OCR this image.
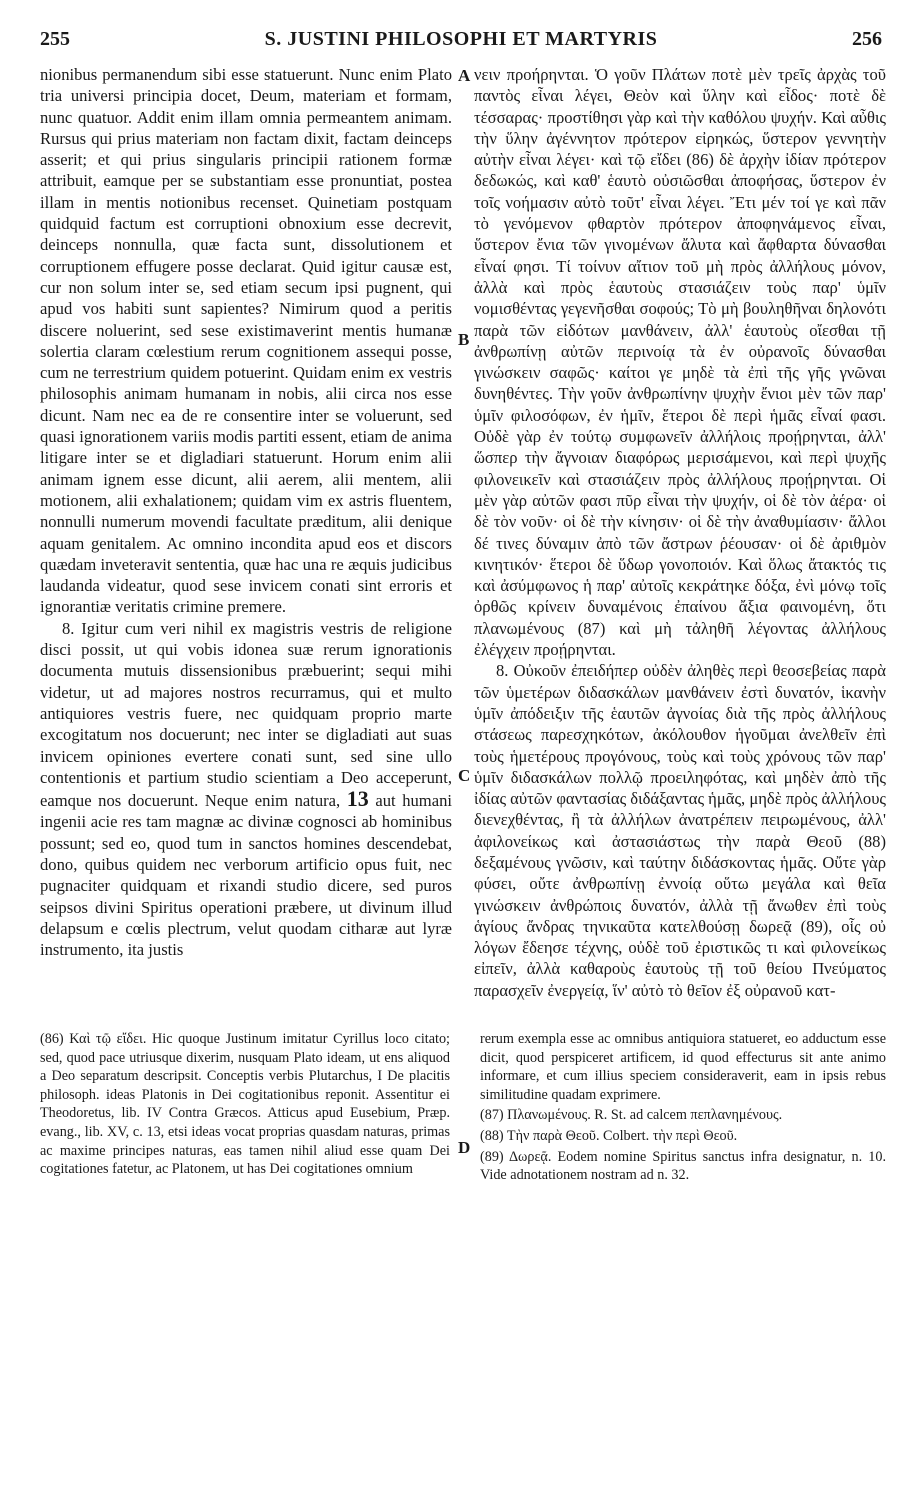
255	S. JUSTINI PHILOSOPHI ET MARTYRIS	256

nionibus permanendum sibi esse statuerunt. Nunc enim Plato tria universi principia docet, Deum, materiam et formam, nunc quatuor. Addit enim illam omnia permeantem animam. Rursus qui prius materiam non factam dixit, factam deinceps asserit; et qui prius singularis principii rationem formæ attribuit, eamque per se substantiam esse pronuntiat, postea illam in mentis notionibus recenset. Quinetiam postquam quidquid factum est corruptioni obnoxium esse decrevit, deinceps nonnulla, quæ facta sunt, dissolutionem et corruptionem effugere posse declarat. Quid igitur causæ est, cur non solum inter se, sed etiam secum ipsi pugnent, qui apud vos habiti sunt sapientes? Nimirum quod a peritis discere noluerint, sed sese existimaverint mentis humanæ solertia claram cœlestium rerum cognitionem assequi posse, cum ne terrestrium quidem potuerint. Quidam enim ex vestris philosophis animam humanam in nobis, alii circa nos esse dicunt. Nam nec ea de re consentire inter se voluerunt, sed quasi ignorationem variis modis partiti essent, etiam de anima litigare inter se et digladiari statuerunt. Horum enim alii animam ignem esse dicunt, alii aerem, alii mentem, alii motionem, alii exhalationem; quidam vim ex astris fluentem, nonnulli numerum movendi facultate præditum, alii denique aquam genitalem. Ac omnino incondita apud eos et discors quædam inveteravit sententia, quæ hac una re æquis judicibus laudanda videatur, quod sese invicem conati sint erroris et ignorantiæ veritatis crimine premere.

8. Igitur cum veri nihil ex magistris vestris de religione disci possit, ut qui vobis idonea suæ rerum ignorationis documenta mutuis dissensionibus præbuerint; sequi mihi videtur, ut ad majores nostros recurramus, qui et multo antiquiores vestris fuere, nec quidquam proprio marte excogitatum nos docuerunt; nec inter se digladiati aut suas invicem opiniones evertere conati sunt, sed sine ullo contentionis et partium studio scientiam a Deo acceperunt, eamque nos docuerunt. Neque enim natura, 13 aut humani ingenii acie res tam magnæ ac divinæ cognosci ab hominibus possunt; sed eo, quod tum in sanctos homines descendebat, dono, quibus quidem nec verborum artificio opus fuit, nec pugnaciter quidquam et rixandi studio dicere, sed puros seipsos divini Spiritus operationi præbere, ut divinum illud delapsum e cœlis plectrum, velut quodam citharæ aut lyræ instrumento, ita justis

A
B
C
D

νειν προήρηνται. Ὁ γοῦν Πλάτων ποτὲ μὲν τρεῖς ἀρχὰς τοῦ παντὸς εἶναι λέγει, Θεὸν καὶ ὕλην καὶ εἶδος· ποτὲ δὲ τέσσαρας· προστίθησι γὰρ καὶ τὴν καθόλου ψυχήν. Καὶ αὖθις τὴν ὕλην ἀγέννητον πρότερον εἰρηκώς, ὕστερον γεννητὴν αὐτὴν εἶναι λέγει· καὶ τῷ εἴδει (86) δὲ ἀρχὴν ἰδίαν πρότερον δεδωκώς, καὶ καθ' ἑαυτὸ οὐσιῶσθαι ἀποφήσας, ὕστερον ἐν τοῖς νοήμασιν αὐτὸ τοῦτ' εἶναι λέγει. Ἔτι μέν τοί γε καὶ πᾶν τὸ γενόμενον φθαρτὸν πρότερον ἀποφηνάμενος εἶναι, ὕστερον ἔνια τῶν γινομένων ἄλυτα καὶ ἄφθαρτα δύνασθαι εἶναί φησι. Τί τοίνυν αἴτιον τοῦ μὴ πρὸς ἀλλήλους μόνον, ἀλλὰ καὶ πρὸς ἑαυτοὺς στασιάζειν τοὺς παρ' ὑμῖν νομισθέντας γεγενῆσθαι σοφούς; Τὸ μὴ βουληθῆναι δηλονότι παρὰ τῶν εἰδότων μανθάνειν, ἀλλ' ἑαυτοὺς οἴεσθαι τῇ ἀνθρωπίνῃ αὐτῶν περινοίᾳ τὰ ἐν οὐρανοῖς δύνασθαι γινώσκειν σαφῶς· καίτοι γε μηδὲ τὰ ἐπὶ τῆς γῆς γνῶναι δυνηθέντες. Τὴν γοῦν ἀνθρωπίνην ψυχὴν ἔνιοι μὲν τῶν παρ' ὑμῖν φιλοσόφων, ἐν ἡμῖν, ἕτεροι δὲ περὶ ἡμᾶς εἶναί φασι. Οὐδὲ γὰρ ἐν τούτῳ συμφωνεῖν ἀλλήλοις προῄρηνται, ἀλλ' ὥσπερ τὴν ἄγνοιαν διαφόρως μερισάμενοι, καὶ περὶ ψυχῆς φιλονεικεῖν καὶ στασιάζειν πρὸς ἀλλήλους προῄρηνται. Οἱ μὲν γὰρ αὐτῶν φασι πῦρ εἶναι τὴν ψυχήν, οἱ δὲ τὸν ἀέρα· οἱ δὲ τὸν νοῦν· οἱ δὲ τὴν κίνησιν· οἱ δὲ τὴν ἀναθυμίασιν· ἄλλοι δέ τινες δύναμιν ἀπὸ τῶν ἄστρων ῥέουσαν· οἱ δὲ ἀριθμὸν κινητικόν· ἕτεροι δὲ ὕδωρ γονοποιόν. Καὶ ὅλως ἄτακτός τις καὶ ἀσύμφωνος ἡ παρ' αὐτοῖς κεκράτηκε δόξα, ἐνὶ μόνῳ τοῖς ὀρθῶς κρίνειν δυναμένοις ἐπαίνου ἄξια φαινομένη, ὅτι πλανωμένους (87) καὶ μὴ τἀληθῆ λέγοντας ἀλλήλους ἐλέγχειν προῄρηνται.

8. Οὐκοῦν ἐπειδήπερ οὐδὲν ἀληθὲς περὶ θεοσεβείας παρὰ τῶν ὑμετέρων διδασκάλων μανθάνειν ἐστὶ δυνατόν, ἱκανὴν ὑμῖν ἀπόδειξιν τῆς ἑαυτῶν ἀγνοίας διὰ τῆς πρὸς ἀλλήλους στάσεως παρεσχηκότων, ἀκόλουθον ἡγοῦμαι ἀνελθεῖν ἐπὶ τοὺς ἡμετέρους προγόνους, τοὺς καὶ τοὺς χρόνους τῶν παρ' ὑμῖν διδασκάλων πολλῷ προειληφότας, καὶ μηδὲν ἀπὸ τῆς ἰδίας αὐτῶν φαντασίας διδάξαντας ἡμᾶς, μηδὲ πρὸς ἀλλήλους διενεχθέντας, ἢ τὰ ἀλλήλων ἀνατρέπειν πειρωμένους, ἀλλ' ἀφιλονείκως καὶ ἀστασιάστως τὴν παρὰ Θεοῦ (88) δεξαμένους γνῶσιν, καὶ ταύτην διδάσκοντας ἡμᾶς. Οὔτε γὰρ φύσει, οὔτε ἀνθρωπίνῃ ἐννοίᾳ οὕτω μεγάλα καὶ θεῖα γινώσκειν ἀνθρώποις δυνατόν, ἀλλὰ τῇ ἄνωθεν ἐπὶ τοὺς ἁγίους ἄνδρας τηνικαῦτα κατελθούσῃ δωρεᾷ (89), οἷς οὐ λόγων ἔδεησε τέχνης, οὐδὲ τοῦ ἐριστικῶς τι καὶ φιλονείκως εἰπεῖν, ἀλλὰ καθαροὺς ἑαυτοὺς τῇ τοῦ θείου Πνεύματος παρασχεῖν ἐνεργείᾳ, ἵν' αὐτὸ τὸ θεῖον ἐξ οὐρανοῦ κατ-

(86) Καὶ τῷ εἴδει. Hic quoque Justinum imitatur Cyrillus loco citato; sed, quod pace utriusque dixerim, nusquam Plato ideam, ut ens aliquod a Deo separatum descripsit. Conceptis verbis Plutarchus, I De placitis philosoph. ideas Platonis in Dei cogitationibus reponit. Assentitur ei Theodoretus, lib. IV Contra Græcos. Atticus apud Eusebium, Præp. evang., lib. XV, c. 13, etsi ideas vocat proprias quasdam naturas, primas ac maxime principes naturas, eas tamen nihil aliud esse quam Dei cogitationes fatetur, ac Platonem, ut has Dei cogitationes omnium

rerum exempla esse ac omnibus antiquiora statueret, eo adductum esse dicit, quod perspiceret artificem, id quod effecturus sit ante animo informare, et cum illius speciem consideraverit, eam in ipsis rebus similitudine quadam exprimere.

(87) Πλανωμένους. R. St. ad calcem πεπλανημένους.

(88) Τὴν παρὰ Θεοῦ. Colbert. τὴν περὶ Θεοῦ.

(89) Δωρεᾷ. Eodem nomine Spiritus sanctus infra designatur, n. 10. Vide adnotationem nostram ad n. 32.
